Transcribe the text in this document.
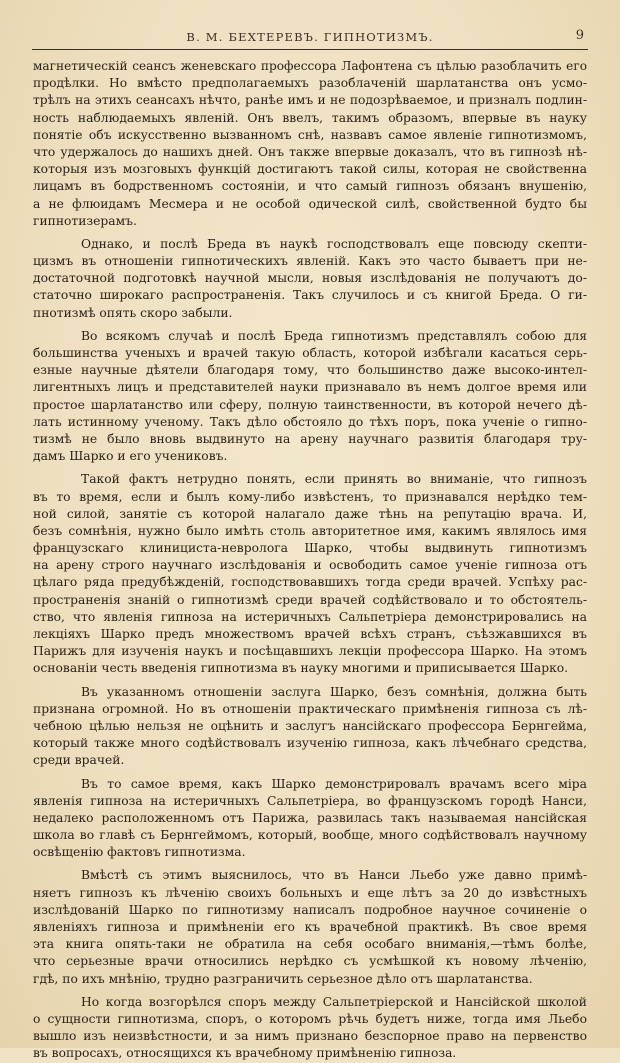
В. М. БЕХТЕРЕВЪ. ГИПНОТИЗМЪ.	9
магнетическiй сеансъ женевскаго профессора Лафонтена съ цѣлью разоблачить его
продѣлки. Но вмѣсто предполагаемыхъ разоблаченiй шарлатанства онъ усмо-
трѣлъ на этихъ сеансахъ нѣчто, ранѣе имъ и не подозрѣваемое, и призналъ подлин-
ность наблюдаемыхъ явленiй. Онъ ввелъ, такимъ образомъ, впервые въ науку
понятiе объ искусственно вызванномъ снѣ, назвавъ самое явленiе гипнотизмомъ,
что удержалось до нашихъ дней. Онъ также впервые доказалъ, что въ гипнозѣ нѣ-
которыя изъ мозговыхъ функцiй достигаютъ такой силы, которая не свойственна
лицамъ въ бодрственномъ состоянiи, и что самый гипнозъ обязанъ внушенiю,
а не флюидамъ Месмера и не особой одической силѣ, свойственной будто бы
гипнотизерамъ.
Однако, и послѣ Бреда въ наукѣ господствовалъ еще повсюду скепти-
цизмъ въ отношенiи гипнотическихъ явленiй. Какъ это часто бываетъ при не-
достаточной подготовкѣ научной мысли, новыя изслѣдованiя не получаютъ до-
статочно широкаго распространенiя. Такъ случилось и съ книгой Бреда. О ги-
пнотизмѣ опять скоро забыли.
Во всякомъ случаѣ и послѣ Бреда гипнотизмъ представлялъ собою для
большинства ученыхъ и врачей такую область, которой избѣгали касаться серь-
езные научные дѣятели благодаря тому, что большинство даже высоко-интел-
лигентныхъ лицъ и представителей науки признавало въ немъ долгое время или
простое шарлатанство или сферу, полную таинственности, въ которой нечего дѣ-
лать истинному ученому. Такъ дѣло обстояло до тѣхъ поръ, пока ученiе о гипно-
тизмѣ не было вновь выдвинуто на арену научнаго развитiя благодаря тру-
дамъ Шарко и его учениковъ.
Такой фактъ нетрудно понять, если принять во вниманiе, что гипнозъ
въ то время, если и былъ кому-либо извѣстенъ, то признавался нерѣдко тем-
ной силой, занятiе съ которой налагало даже тѣнь на репутацiю врача. И,
безъ сомнѣнiя, нужно было имѣть столь авторитетное имя, какимъ являлось имя
французскаго клинициста-невролога Шарко, чтобы выдвинуть гипнотизмъ
на арену строго научнаго изслѣдованiя и освободить самое ученiе гипноза отъ
цѣлаго ряда предубѣжденiй, господствовавшихъ тогда среди врачей. Успѣху рас-
пространенiя знанiй о гипнотизмѣ среди врачей содѣйствовало и то обстоятель-
ство, что явленiя гипноза на истеричныхъ Сальпетрiера демонстрировались на
лекцiяхъ Шарко предъ множествомъ врачей всѣхъ странъ, съѣзжавшихся въ
Парижъ для изученiя наукъ и посѣщавшихъ лекцiи профессора Шарко. На этомъ
основанiи честь введенiя гипнотизма въ науку многими и приписывается Шарко.
Въ указанномъ отношенiи заслуга Шарко, безъ сомнѣнiя, должна быть
признана огромной. Но въ отношенiи практическаго примѣненiя гипноза съ лѣ-
чебною цѣлью нельзя не оцѣнить и заслугъ нансiйскаго профессора Бернгейма,
который также много содѣйствовалъ изученiю гипноза, какъ лѣчебнаго средства,
среди врачей.
Въ то самое время, какъ Шарко демонстрировалъ врачамъ всего мiра
явленiя гипноза на истеричныхъ Сальпетрiера, во французскомъ городѣ Нанси,
недалеко расположенномъ отъ Парижа, развилась такъ называемая нансiйская
школа во главѣ съ Бернгеймомъ, который, вообще, много содѣйствовалъ научному
освѣщенiю фактовъ гипнотизма.
Вмѣстѣ съ этимъ выяснилось, что въ Нанси Льебо уже давно примѣ-
няетъ гипнозъ къ лѣченiю своихъ больныхъ и еще лѣтъ за 20 до извѣстныхъ
изслѣдованiй Шарко по гипнотизму написалъ подробное научное сочиненiе о
явленiяхъ гипноза и примѣненiи его къ врачебной практикѣ. Въ свое время
эта книга опять-таки не обратила на себя особаго вниманiя,—тѣмъ болѣе,
что серьезные врачи относились нерѣдко съ усмѣшкой къ новому лѣченiю,
гдѣ, по ихъ мнѣнiю, трудно разграничить серьезное дѣло отъ шарлатанства.
Но когда возгорѣлся споръ между Сальпетрiерской и Нансiйской школой
о сущности гипнотизма, споръ, о которомъ рѣчь будетъ ниже, тогда имя Льебо
вышло изъ неизвѣстности, и за нимъ признано безспорное право на первенство
въ вопросахъ, относящихся къ врачебному примѣненiю гипноза.
